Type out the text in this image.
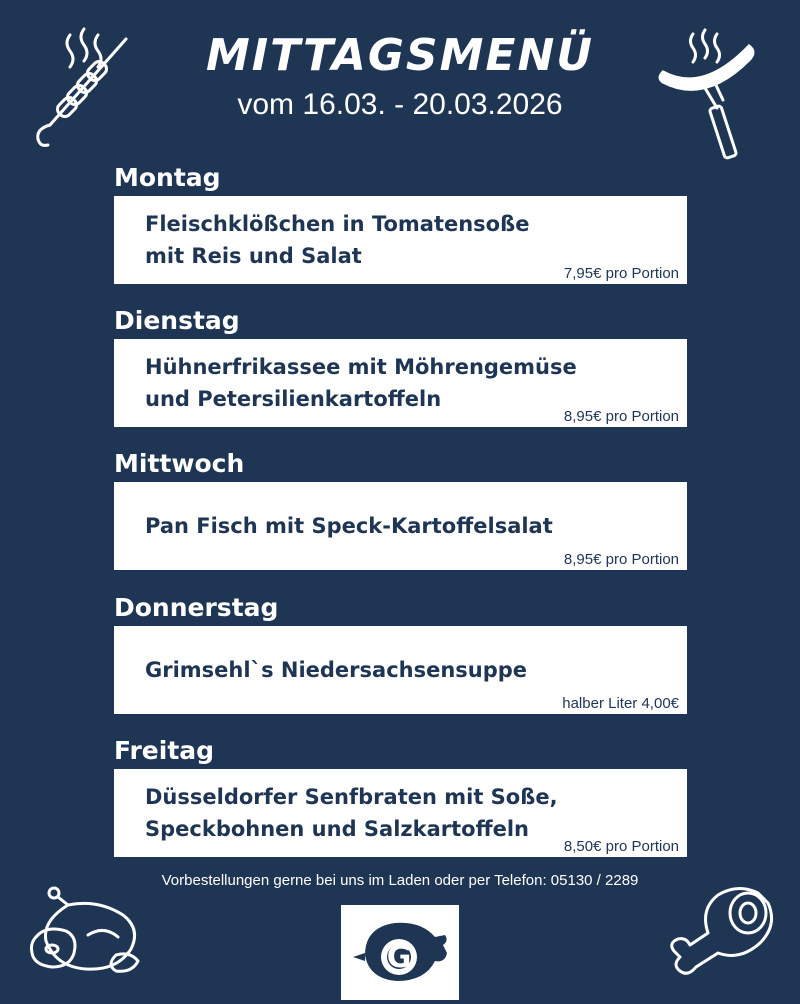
MITTAGSMENÜ
vom 16.03. - 20.03.2026
Montag
Fleischklößchen in Tomatensoße
mit Reis und Salat
7,95€ pro Portion
Dienstag
Hühnerfrikassee mit Möhrengemüse
und Petersilienkartoffeln
8,95€ pro Portion
Mittwoch
Pan Fisch mit Speck-Kartoffelsalat
8,95€ pro Portion
Donnerstag
Grimsehl`s Niedersachsensuppe
halber Liter 4,00€
Freitag
Düsseldorfer Senfbraten mit Soße,
Speckbohnen und Salzkartoffeln
8,50€ pro Portion
Vorbestellungen gerne bei uns im Laden oder per Telefon: 05130 / 2289
G
